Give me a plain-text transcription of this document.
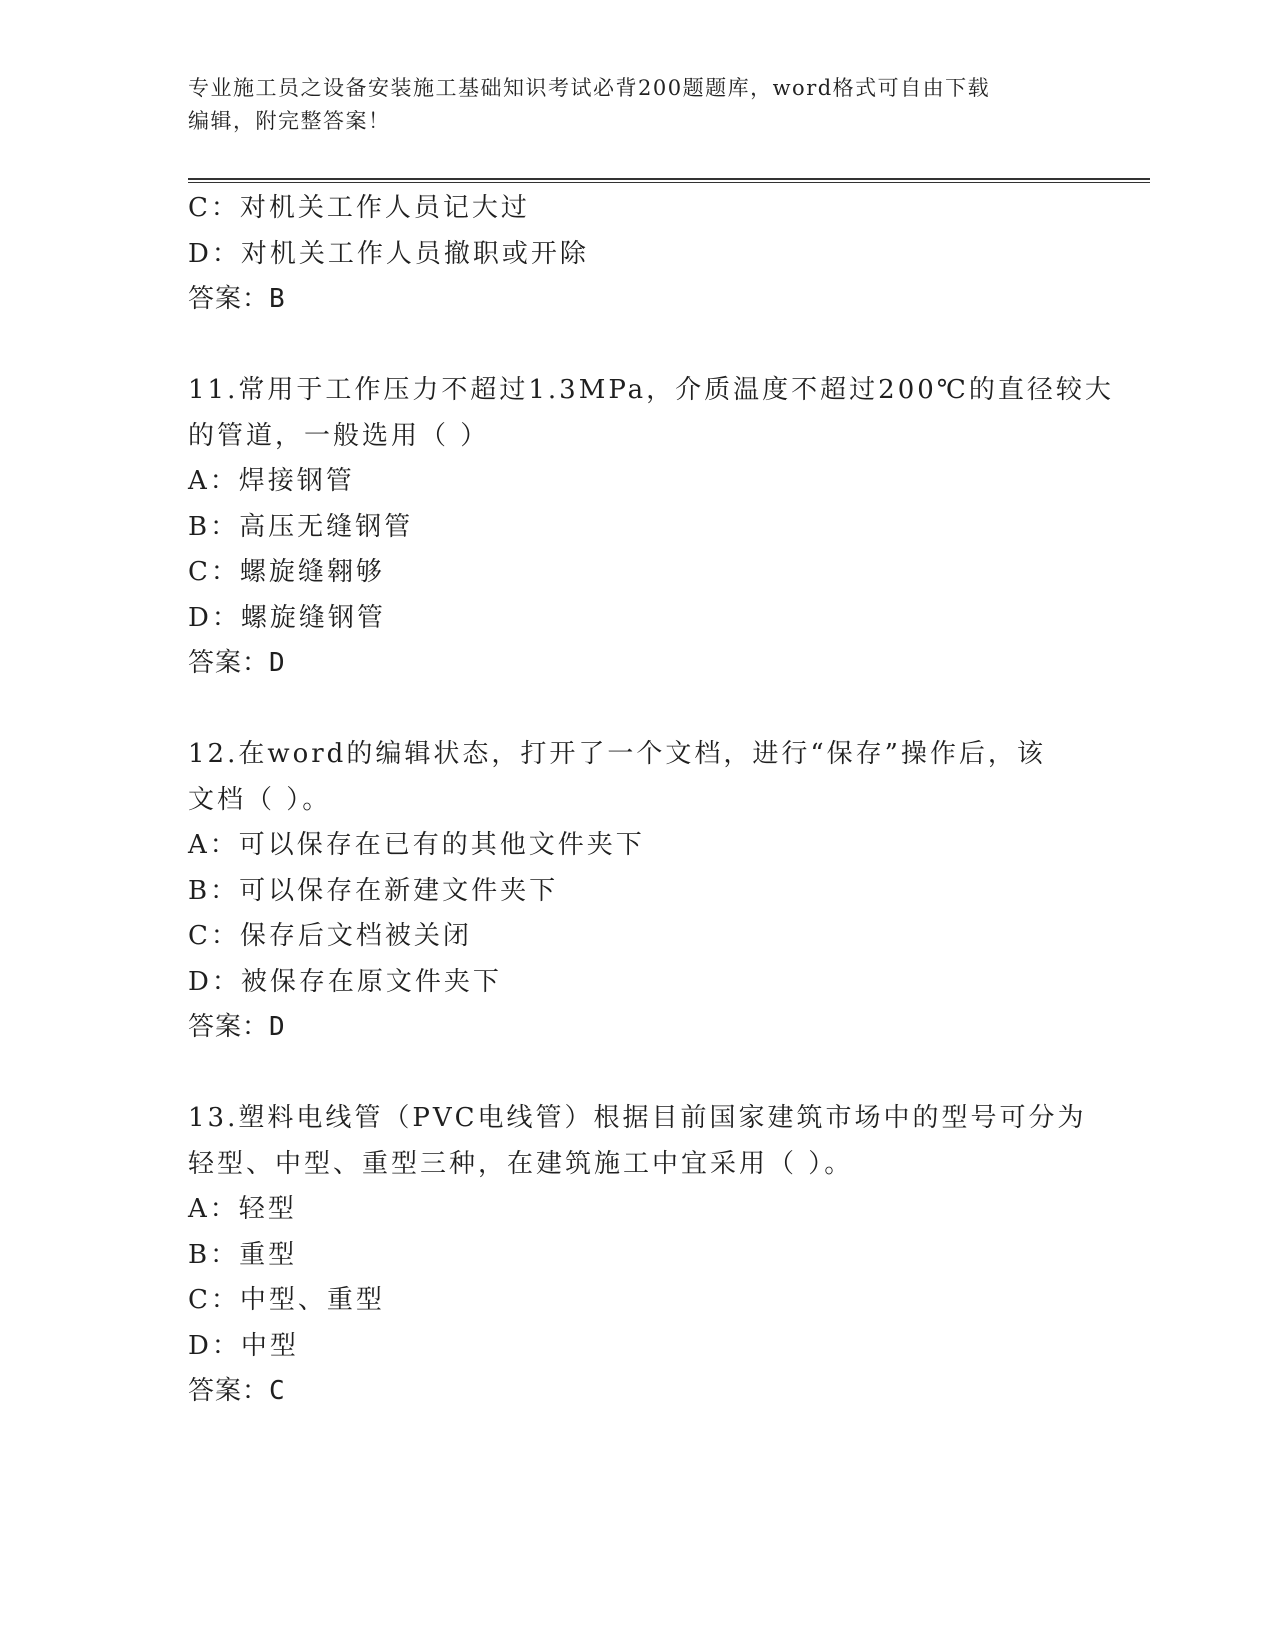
专业施工员之设备安装施工基础知识考试必背200题题库，word格式可自由下载
编辑，附完整答案！
C：对机关工作人员记大过
D：对机关工作人员撤职或开除
答案：B
11.常用于工作压力不超过1.3MPa，介质温度不超过200℃的直径较大
的管道，一般选用（ ）
A：焊接钢管
B：高压无缝钢管
C：螺旋缝翱够
D：螺旋缝钢管
答案：D
12.在word的编辑状态，打开了一个文档，进行“保存”操作后，该
文档（ ）。
A：可以保存在已有的其他文件夹下
B：可以保存在新建文件夹下
C：保存后文档被关闭
D：被保存在原文件夹下
答案：D
13.塑料电线管（PVC电线管）根据目前国家建筑市场中的型号可分为
轻型、中型、重型三种，在建筑施工中宜采用（ ）。
A：轻型
B：重型
C：中型、重型
D：中型
答案：C
